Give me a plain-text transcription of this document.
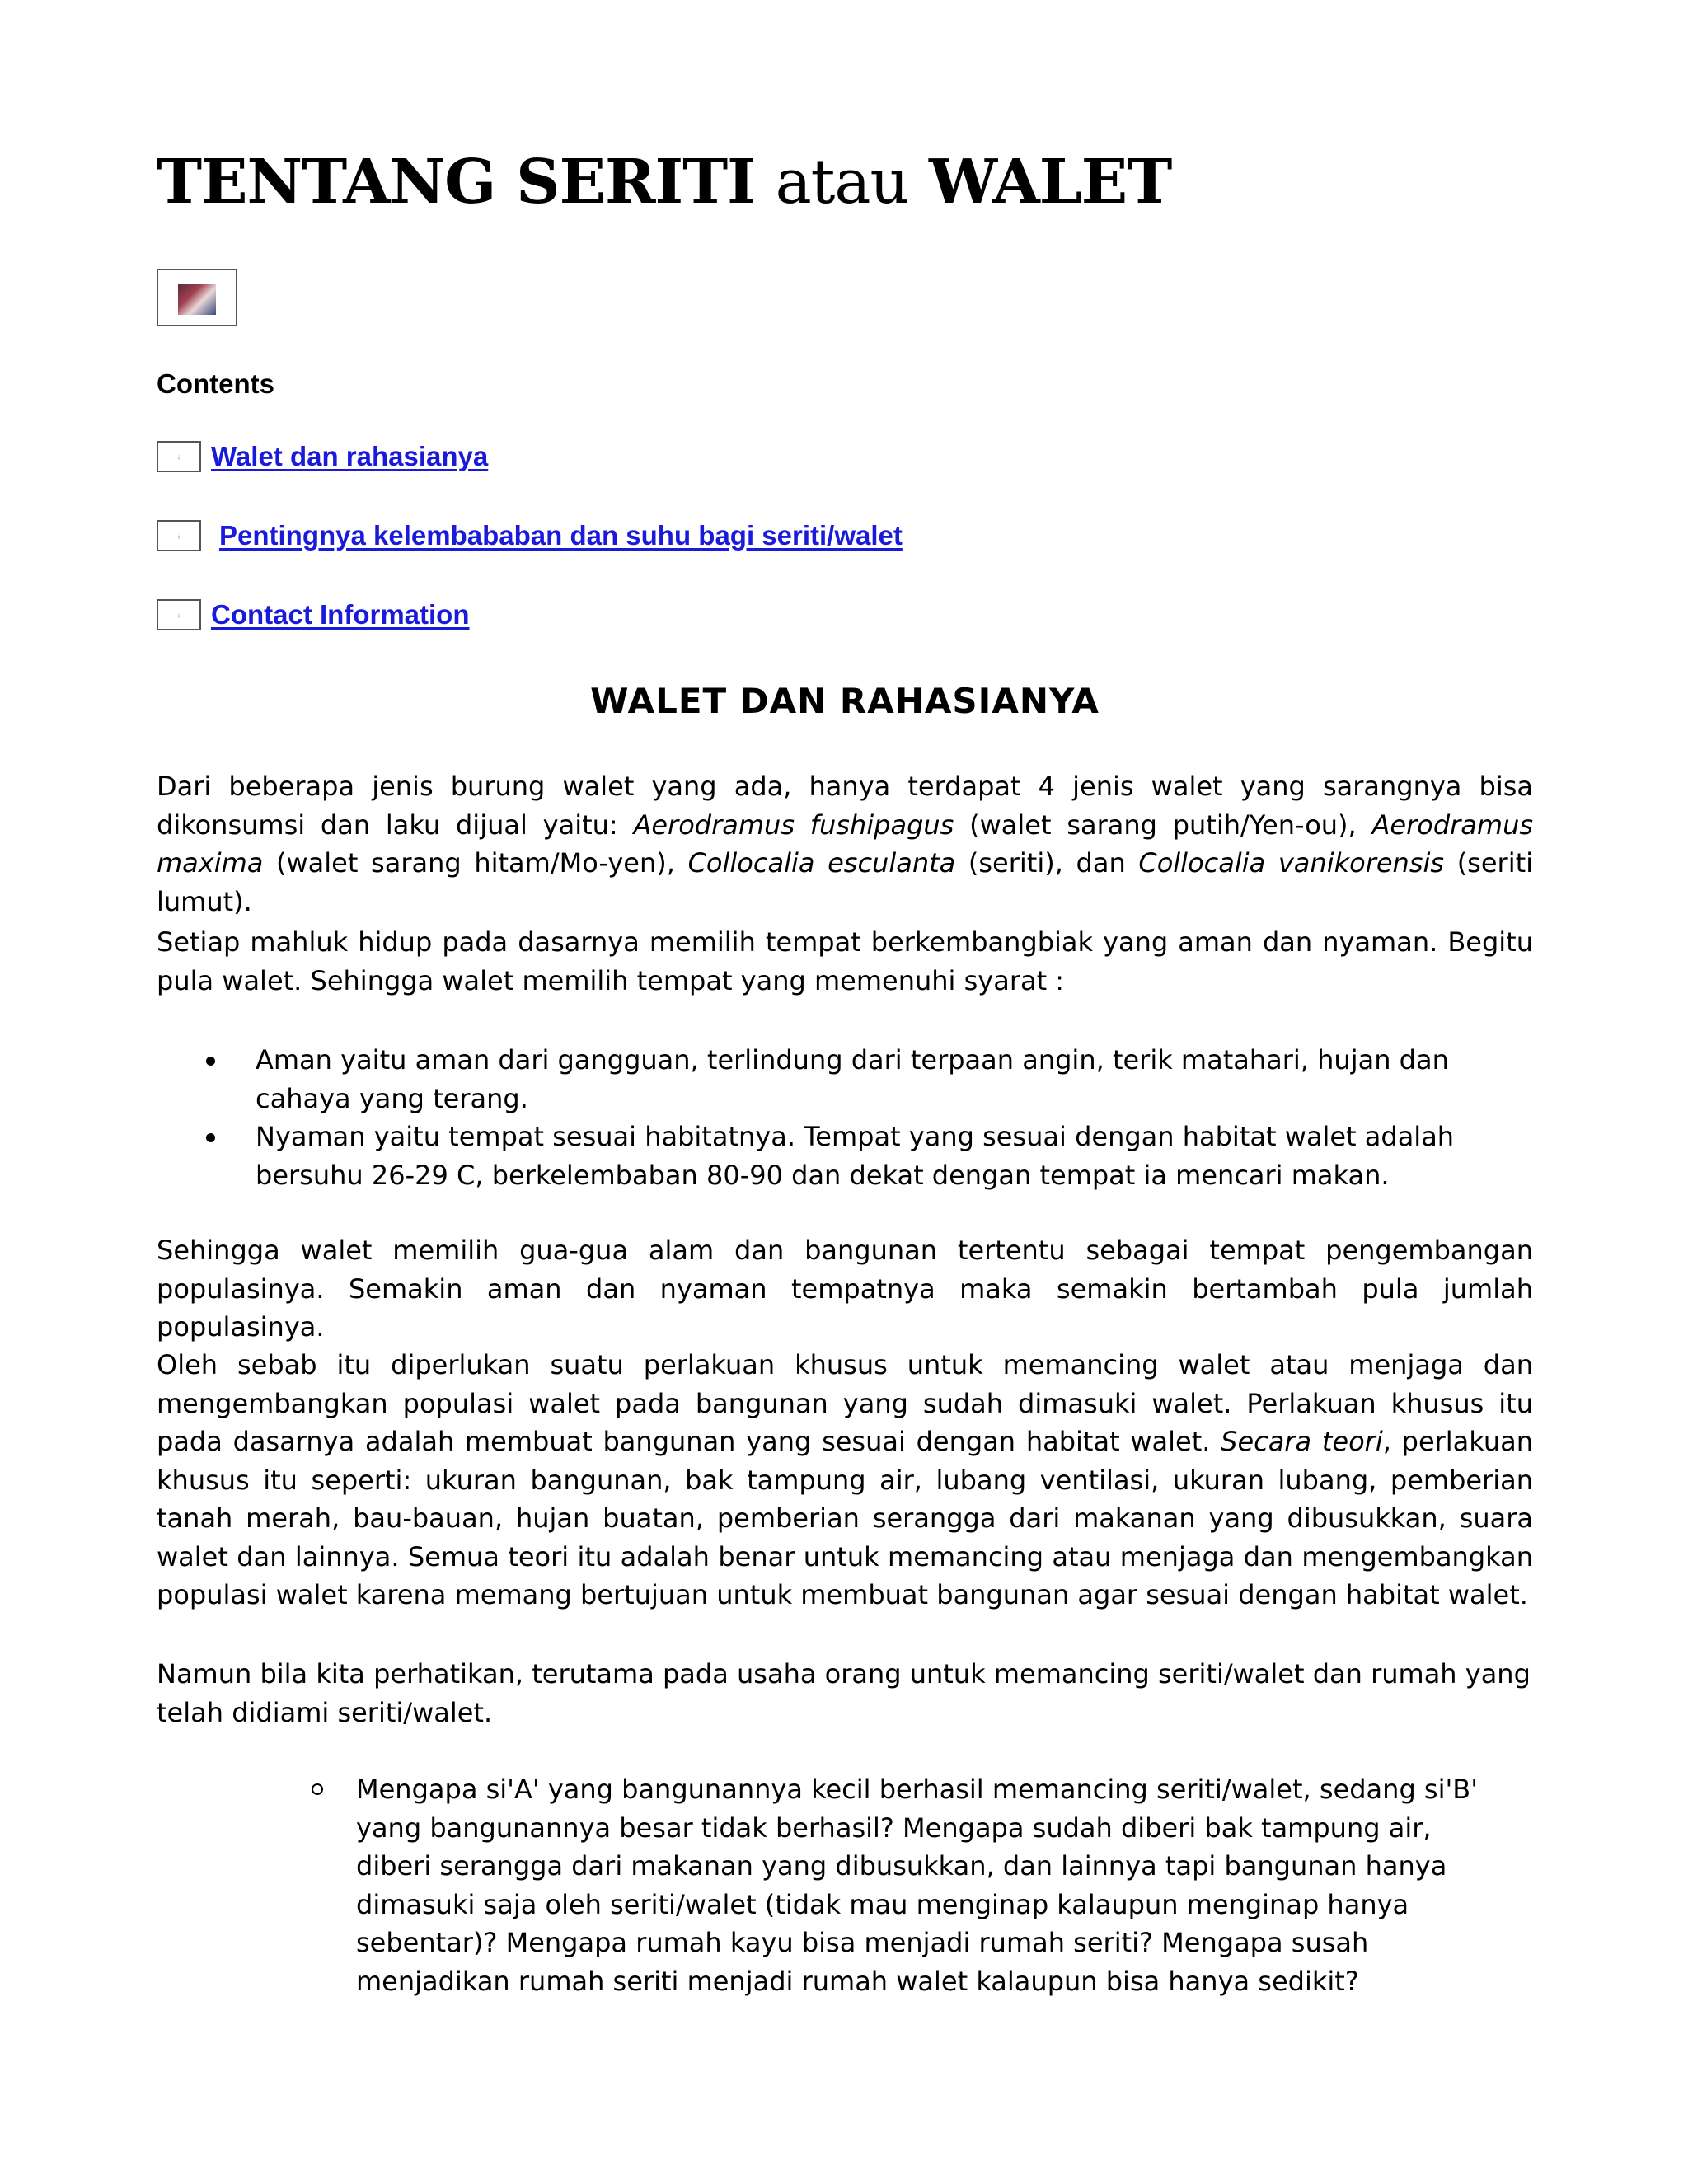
TENTANG SERITI atau WALET
Contents
ᵢ	Walet dan rahasianya
ᵢ	Pentingnya kelembababan dan suhu bagi seriti/walet
ᵢ	Contact Information
WALET DAN RAHASIANYA

Dari beberapa jenis burung walet yang ada, hanya terdapat 4 jenis walet yang sarangnya bisa dikonsumsi dan laku dijual yaitu: Aerodramus fushipagus (walet sarang putih/Yen-ou), Aerodramus maxima (walet sarang hitam/Mo-yen), Collocalia esculanta (seriti), dan Collocalia vanikorensis (seriti lumut).

Setiap mahluk hidup pada dasarnya memilih tempat berkembangbiak yang aman dan nyaman. Begitu pula walet. Sehingga walet memilih tempat yang memenuhi syarat :

Aman yaitu aman dari gangguan, terlindung dari terpaan angin, terik matahari, hujan dan cahaya yang terang.
Nyaman yaitu tempat sesuai habitatnya. Tempat yang sesuai dengan habitat walet adalah bersuhu 26-29 C, berkelembaban 80-90 dan dekat dengan tempat ia mencari makan.

Sehingga walet memilih gua-gua alam dan bangunan tertentu sebagai tempat pengembangan populasinya. Semakin aman dan nyaman tempatnya maka semakin bertambah pula jumlah populasinya.

Oleh sebab itu diperlukan suatu perlakuan khusus untuk memancing walet atau menjaga dan mengembangkan populasi walet pada bangunan yang sudah dimasuki walet. Perlakuan khusus itu pada dasarnya adalah membuat bangunan yang sesuai dengan habitat walet. Secara teori, perlakuan khusus itu seperti: ukuran bangunan, bak tampung air, lubang ventilasi, ukuran lubang, pemberian tanah merah, bau-bauan, hujan buatan, pemberian serangga dari makanan yang dibusukkan, suara walet dan lainnya. Semua teori itu adalah benar untuk memancing atau menjaga dan mengembangkan populasi walet karena memang bertujuan untuk membuat bangunan agar sesuai dengan habitat walet.

Namun bila kita perhatikan, terutama pada usaha orang untuk memancing seriti/walet dan rumah yang telah didiami seriti/walet.

Mengapa si'A' yang bangunannya kecil berhasil memancing seriti/walet, sedang si'B' yang bangunannya besar tidak berhasil? Mengapa sudah diberi bak tampung air, diberi serangga dari makanan yang dibusukkan, dan lainnya tapi bangunan hanya dimasuki saja oleh seriti/walet (tidak mau menginap kalaupun menginap hanya sebentar)? Mengapa rumah kayu bisa menjadi rumah seriti? Mengapa susah menjadikan rumah seriti menjadi rumah walet kalaupun bisa hanya sedikit?
